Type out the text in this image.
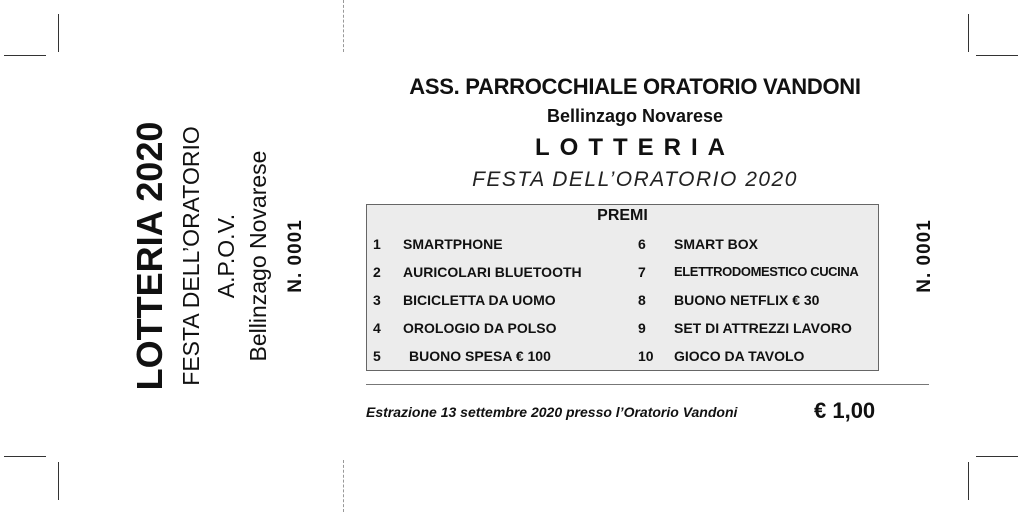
LOTTERIA 2020 FESTA DELL’ORATORIO A.P.O.V. Bellinzago Novarese N. 0001
ASS. PARROCCHIALE ORATORIO VANDONI
Bellinzago Novarese
LOTTERIA
FESTA DELL’ORATORIO 2020
PREMI
1 SMARTPHONE
2 AURICOLARI BLUETOOTH
3 BICICLETTA DA UOMO
4 OROLOGIO DA POLSO
5 BUONO SPESA € 100
6 SMART BOX
7 ELETTRODOMESTICO CUCINA
8 BUONO NETFLIX € 30
9 SET DI ATTREZZI LAVORO
10 GIOCO DA TAVOLO
Estrazione 13 settembre 2020 presso l’Oratorio Vandoni	€ 1,00
N. 0001
